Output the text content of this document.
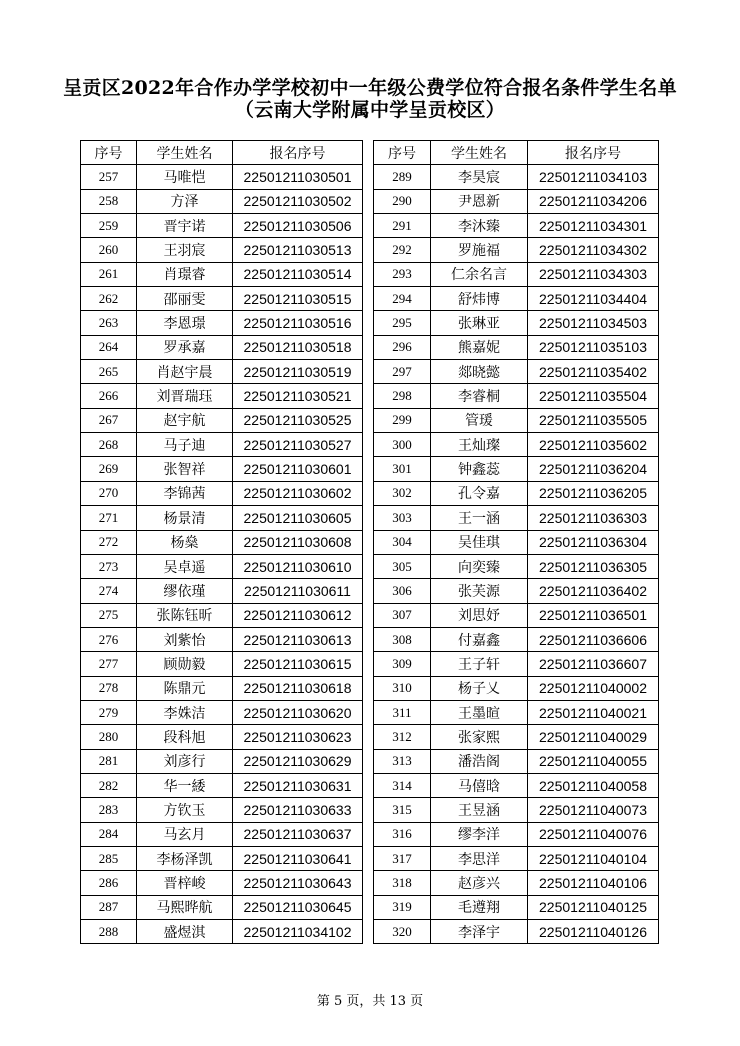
呈贡区2022年合作办学学校初中一年级公费学位符合报名条件学生名单
（云南大学附属中学呈贡校区）
序号	学生姓名	报名序号
257	马唯恺	22501211030501
258	方泽	22501211030502
259	晋宇诺	22501211030506
260	王羽宸	22501211030513
261	肖璟睿	22501211030514
262	邵丽雯	22501211030515
263	李恩璟	22501211030516
264	罗承嘉	22501211030518
265	肖赵宇晨	22501211030519
266	刘晋瑞珏	22501211030521
267	赵宇航	22501211030525
268	马子迪	22501211030527
269	张智祥	22501211030601
270	李锦茜	22501211030602
271	杨景清	22501211030605
272	杨燊	22501211030608
273	吴卓遥	22501211030610
274	缪依瑾	22501211030611
275	张陈钰昕	22501211030612
276	刘紫怡	22501211030613
277	顾勋毅	22501211030615
278	陈鼎元	22501211030618
279	李姝洁	22501211030620
280	段科旭	22501211030623
281	刘彦行	22501211030629
282	华一緌	22501211030631
283	方钦玉	22501211030633
284	马玄月	22501211030637
285	李杨泽凯	22501211030641
286	晋梓峻	22501211030643
287	马熙晔航	22501211030645
288	盛煜淇	22501211034102
序号	学生姓名	报名序号
289	李昊宸	22501211034103
290	尹恩新	22501211034206
291	李沐臻	22501211034301
292	罗施福	22501211034302
293	仁余名言	22501211034303
294	舒炜博	22501211034404
295	张琳亚	22501211034503
296	熊嘉妮	22501211035103
297	郯晓懿	22501211035402
298	李睿桐	22501211035504
299	管瑗	22501211035505
300	王灿璨	22501211035602
301	钟鑫蕊	22501211036204
302	孔令嘉	22501211036205
303	王一涵	22501211036303
304	吴佳琪	22501211036304
305	向奕臻	22501211036305
306	张芙源	22501211036402
307	刘思妤	22501211036501
308	付嘉鑫	22501211036606
309	王子轩	22501211036607
310	杨子乂	22501211040002
311	王墨暄	22501211040021
312	张家熙	22501211040029
313	潘浩阁	22501211040055
314	马僖晗	22501211040058
315	王昱涵	22501211040073
316	缪李洋	22501211040076
317	李思洋	22501211040104
318	赵彦兴	22501211040106
319	毛遵翔	22501211040125
320	李泽宇	22501211040126
第 5 页，共 13 页
